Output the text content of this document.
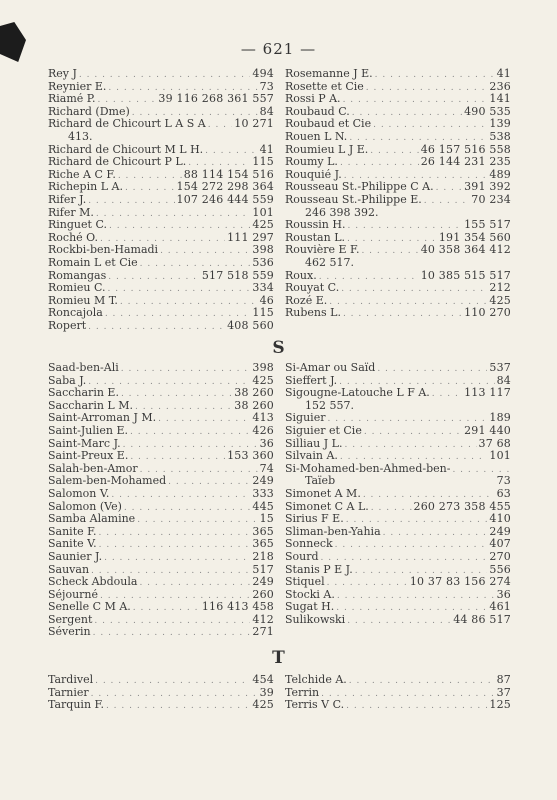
— 621 —
Rey J . . .	494
Reynier E. . . .	73
Riamé P. . . .	39 116 268 361 557
Richard (Dme) . . .	84
Richard de Chicourt L A S A . . .	10 271
413.
Richard de Chicourt M L H. . . .	41
Richard de Chicourt P L. . . .	115
Riche A C F. . . .	88 114 154 516
Richepin L A. . . .	154 272 298 364
Rifer J. . . .	107 246 444 559
Rifer M. . . .	101
Ringuet C. . . .	425
Roché O. . . .	111 297
Rockbi-ben-Hamadi . . .	398
Romain L et Cie . . .	536
Romangas . . .	517 518 559
Romieu C. . . .	334
Romieu M T. . . .	46
Roncajola . . .	115
Ropert . . .	408 560
Rosemanne J E. . . .	41
Rosette et Cie . . .	236
Rossi P A. . . .	141
Roubaud C. . . .	490 535
Roubaud et Cie . . .	139
Rouen L N. . . .	538
Roumieu L J E. . . .	46 157 516 558
Roumy L. . . .	26 144 231 235
Rouquié J. . . .	489
Rousseau St.-Philippe C A. . . .	391 392
Rousseau St.-Philippe E. . . .	70 234
246 398 392.
Roussin H. . . .	155 517
Roustan L. . . .	191 354 560
Rouvière E F. . . .	40 358 364 412
462 517.
Roux. . . .	10 385 515 517
Rouyat C. . . .	212
Rozé E. . . .	425
Rubens L. . . .	110 270
S
Saad-ben-Ali . . .	398
Saba J. . . .	425
Saccharin E. . . .	38 260
Saccharin L M. . . .	38 260
Saint-Arroman J M. . . .	413
Saint-Julien E. . . .	426
Saint-Marc J. . . .	36
Saint-Preux E. . . .	153 360
Salah-ben-Amor . . .	74
Salem-ben-Mohamed . . .	249
Salomon V. . . .	333
Salomon (Ve) . . .	445
Samba Alamine . . .	15
Sanite F. . . .	365
Sanite V. . . .	365
Saunier J. . . .	218
Sauvan . . .	517
Scheck Abdoula . . .	249
Séjourné . . .	260
Senelle C M A. . . .	116 413 458
Sergent . . .	412
Séverin . . .	271
Si-Amar ou Saïd . . .	537
Sieffert J. . . .	84
Sigougne-Latouche L F A. . . .	113 117
152 557.
Siguier . . .	189
Siguier et Cie . . .	291 440
Silliau J L. . . .	37 68
Silvain A. . . .	101
Si-Mohamed-ben-Ahmed-ben-
. . .
Taïeb	73
Simonet A M. . . .	63
Simonet C A L. . . .	260 273 358 455
Sirius F E. . . .	410
Sliman-ben-Yahia . . .	249
Sonneck . . .	407
Sourd . . .	270
Stanis P E J. . . .	556
Stiquel . . .	10 37 83 156 274
Stocki A. . . .	36
Sugat H. . . .	461
Sulikowski . . .	44 86 517
T
Tardivel . . .	454
Tarnier . . .	39
Tarquin F. . . .	425
Telchide A. . . .	87
Terrin . . .	37
Terris V C. . . .	125
